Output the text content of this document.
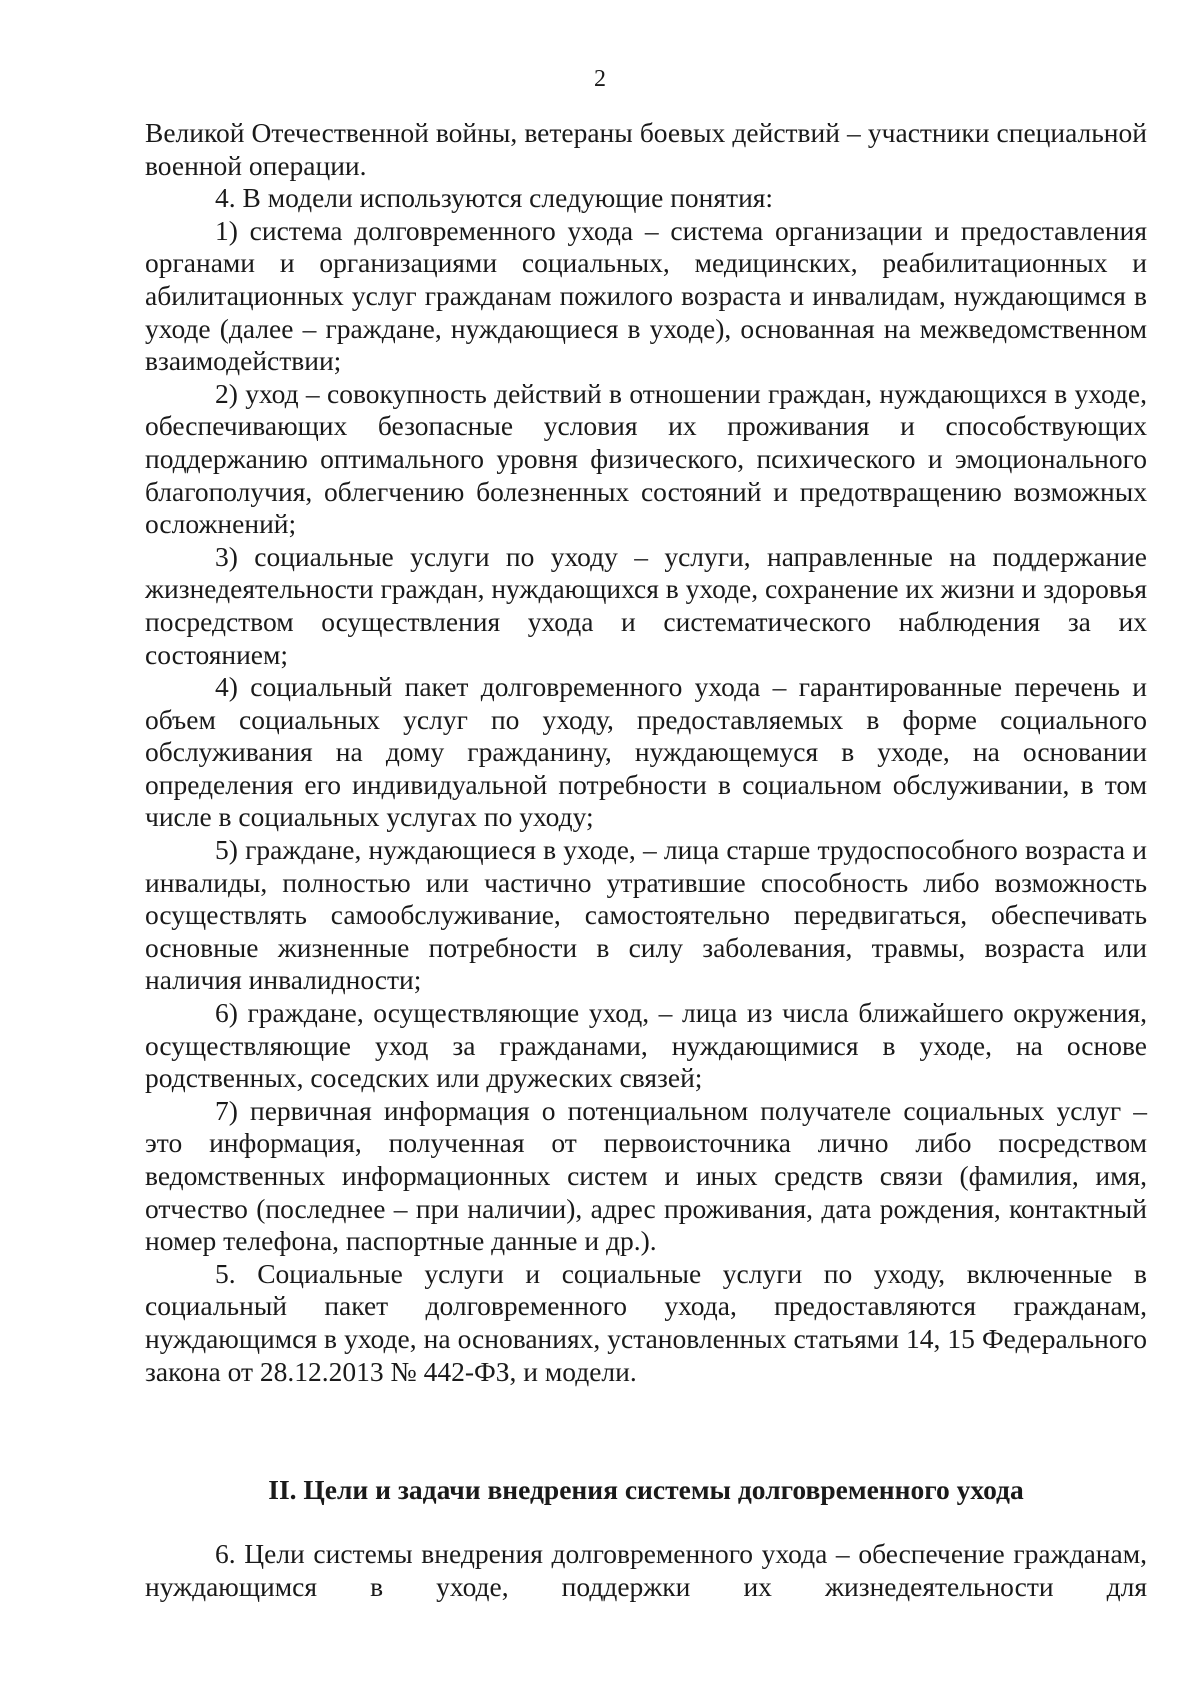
2

Великой Отечественной войны, ветераны боевых действий – участники специальной военной операции.

4. В модели используются следующие понятия:

1) система долговременного ухода – система организации и предоставления органами и организациями социальных, медицинских, реабилитационных и абилитационных услуг гражданам пожилого возраста и инвалидам, нуждающимся в уходе (далее – граждане, нуждающиеся в уходе), основанная на межведомственном взаимодействии;

2) уход – совокупность действий в отношении граждан, нуждающихся в уходе, обеспечивающих безопасные условия их проживания и способствующих поддержанию оптимального уровня физического, психического и эмоционального благополучия, облегчению болезненных состояний и предотвращению возможных осложнений;

3) социальные услуги по уходу – услуги, направленные на поддержание жизнедеятельности граждан, нуждающихся в уходе, сохранение их жизни и здоровья посредством осуществления ухода и систематического наблюдения за их состоянием;

4) социальный пакет долговременного ухода – гарантированные перечень и объем социальных услуг по уходу, предоставляемых в форме социального обслуживания на дому гражданину, нуждающемуся в уходе, на основании определения его индивидуальной потребности в социальном обслуживании, в том числе в социальных услугах по уходу;

5) граждане, нуждающиеся в уходе, – лица старше трудоспособного возраста и инвалиды, полностью или частично утратившие способность либо возможность осуществлять самообслуживание, самостоятельно передвигаться, обеспечивать основные жизненные потребности в силу заболевания, травмы, возраста или наличия инвалидности;

6) граждане, осуществляющие уход, – лица из числа ближайшего окружения, осуществляющие уход за гражданами, нуждающимися в уходе, на основе родственных, соседских или дружеских связей;

7) первичная информация о потенциальном получателе социальных услуг – это информация, полученная от первоисточника лично либо посредством ведомственных информационных систем и иных средств связи (фамилия, имя, отчество (последнее – при наличии), адрес проживания, дата рождения, контактный номер телефона, паспортные данные и др.).

5. Социальные услуги и социальные услуги по уходу, включенные в социальный пакет долговременного ухода, предоставляются гражданам, нуждающимся в уходе, на основаниях, установленных статьями 14, 15 Федерального закона от 28.12.2013 № 442-ФЗ, и модели.

II. Цели и задачи внедрения системы долговременного ухода

6. Цели системы внедрения долговременного ухода – обеспечение гражданам, нуждающимся в уходе, поддержки их жизнедеятельности для
